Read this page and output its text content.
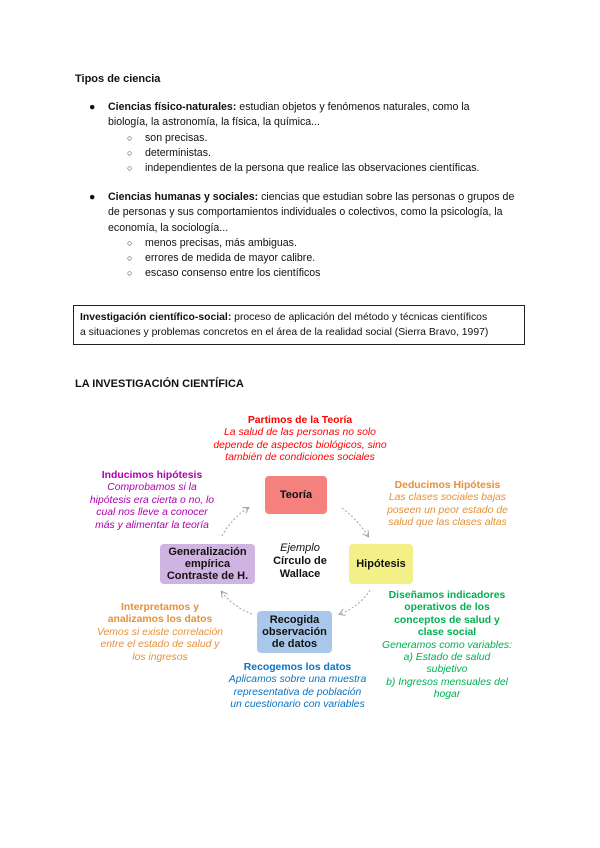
Tipos de ciencia
● Ciencias físico-naturales: estudian objetos y fenómenos naturales, como la
biología, la astronomía, la física, la química...
○ son precisas.
○ deterministas.
○ independientes de la persona que realice las observaciones científicas.
● Ciencias humanas y sociales: ciencias que estudian sobre las personas o grupos de
de personas y sus comportamientos individuales o colectivos, como la psicología, la
economía, la sociología...
○ menos precisas, más ambiguas.
○ errores de medida de mayor calibre.
○ escaso consenso entre los científicos
Investigación científico-social: proceso de aplicación del método y técnicas científicos
a situaciones y problemas concretos en el área de la realidad social (Sierra Bravo, 1997)
LA INVESTIGACIÓN CIENTÍFICA
Teoría
Hipótesis
Recogida
observación
de datos
Generalización
empírica
Contraste de H.
Ejemplo
Círculo de
Wallace
Partimos de la Teoría
La salud de las personas no solo
depende de aspectos biológicos, sino
también de condiciones sociales
Deducimos Hipótesis
Las clases sociales bajas
poseen un peor estado de
salud que las clases altas
Diseñamos indicadores
operativos de los
conceptos de salud y
clase social
Generamos como variables:
a) Estado de salud
subjetivo
b) Ingresos mensuales del
hogar
Recogemos los datos
Aplicamos sobre una muestra
representativa de población
un cuestionario con variables
Interpretamos y
analizamos los datos
Vemos si existe correlación
entre el estado de salud y
los ingresos
Inducimos hipótesis
Comprobamos si la
hipótesis era cierta o no, lo
cual nos lleve a conocer
más y alimentar la teoría
